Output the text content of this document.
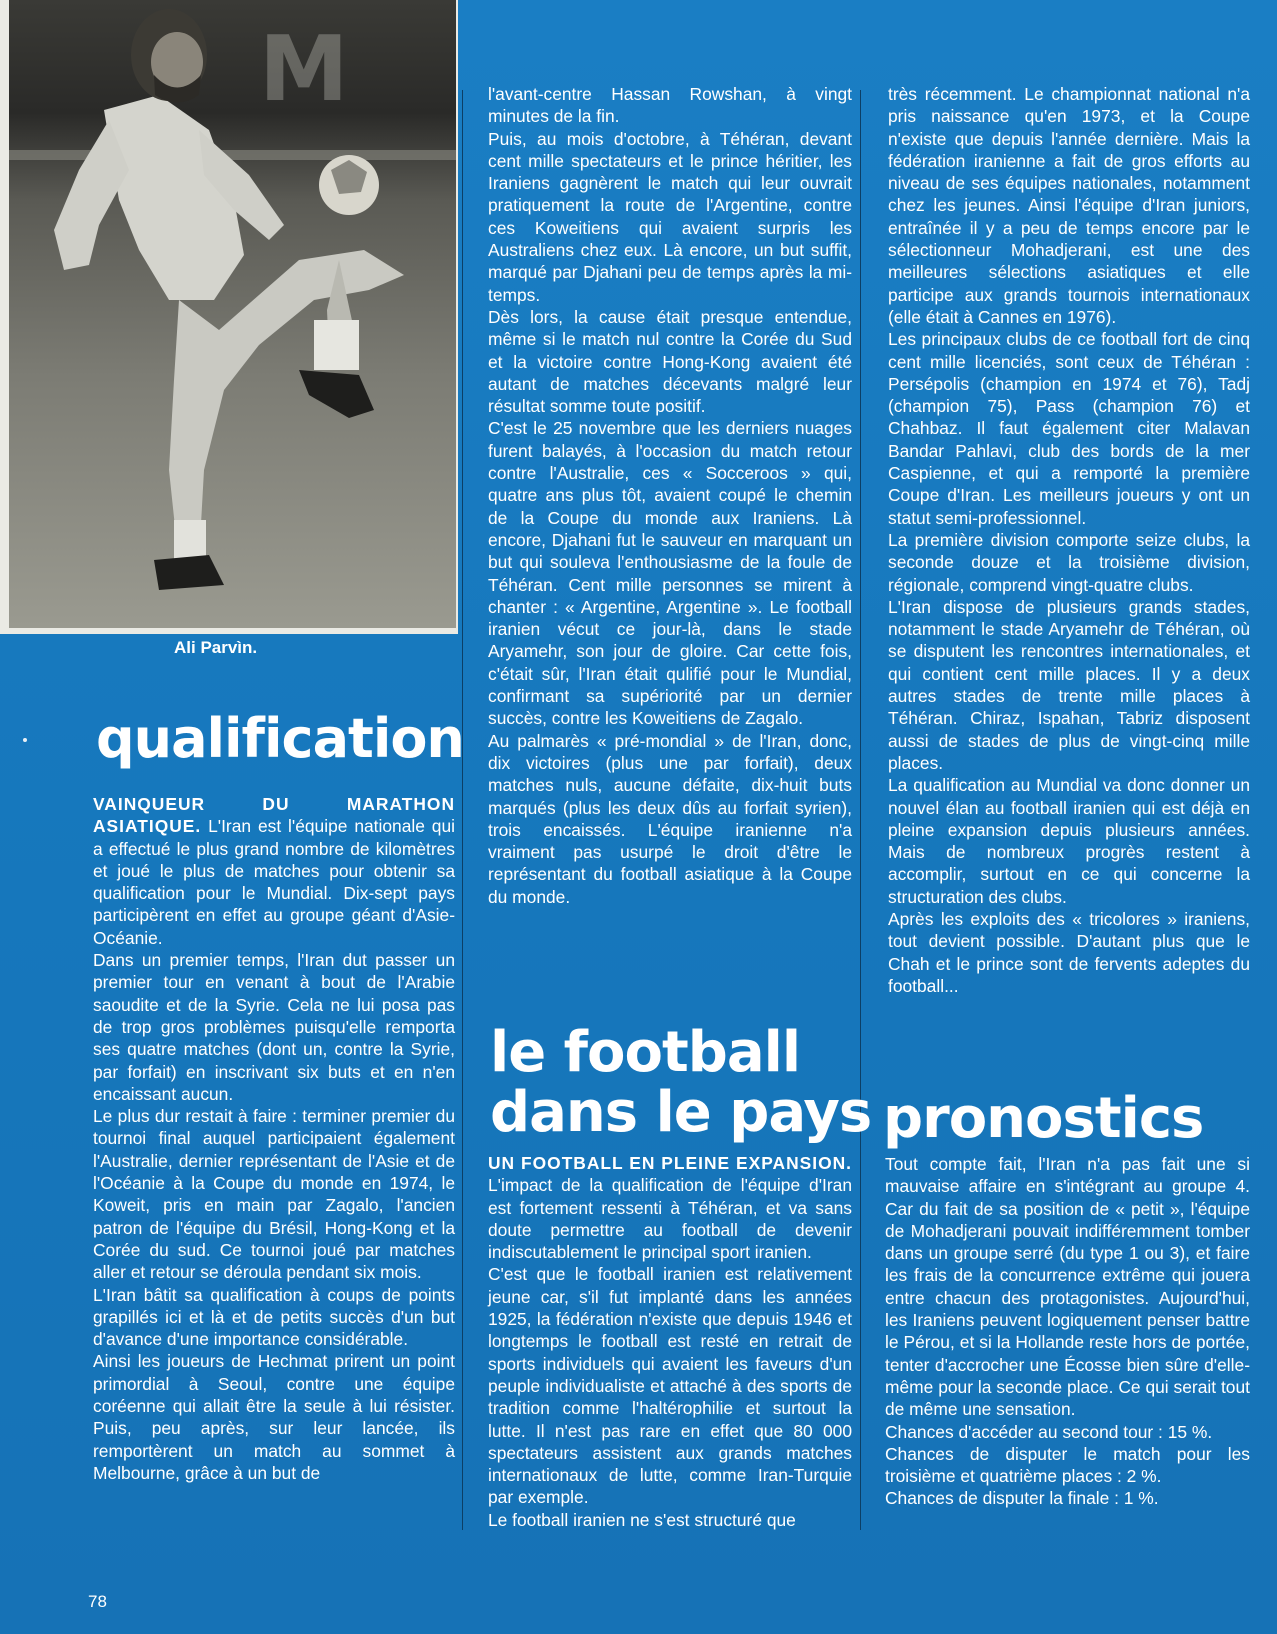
M
Ali Parvìn.
qualification

VAINQUEUR DU MARATHON ASIATIQUE. L'Iran est l'équipe nationale qui a effectué le plus grand nombre de kilomètres et joué le plus de matches pour obtenir sa qualification pour le Mundial. Dix-sept pays participèrent en effet au groupe géant d'Asie-Océanie.

Dans un premier temps, l'Iran dut passer un premier tour en venant à bout de l'Arabie saoudite et de la Syrie. Cela ne lui posa pas de trop gros problèmes puisqu'elle remporta ses quatre matches (dont un, contre la Syrie, par forfait) en inscrivant six buts et en n'en encaissant aucun.

Le plus dur restait à faire : terminer premier du tournoi final auquel participaient également l'Australie, dernier représentant de l'Asie et de l'Océanie à la Coupe du monde en 1974, le Koweit, pris en main par Zagalo, l'ancien patron de l'équipe du Brésil, Hong-Kong et la Corée du sud. Ce tournoi joué par matches aller et retour se déroula pendant six mois.

L'Iran bâtit sa qualification à coups de points grapillés ici et là et de petits succès d'un but d'avance d'une importance considérable.

Ainsi les joueurs de Hechmat prirent un point primordial à Seoul, contre une équipe coréenne qui allait être la seule à lui résister. Puis, peu après, sur leur lancée, ils remportèrent un match au sommet à Melbourne, grâce à un but de

l'avant-centre Hassan Rowshan, à vingt minutes de la fin.

Puis, au mois d'octobre, à Téhéran, devant cent mille spectateurs et le prince héritier, les Iraniens gagnèrent le match qui leur ouvrait pratiquement la route de l'Argentine, contre ces Koweitiens qui avaient surpris les Australiens chez eux. Là encore, un but suffit, marqué par Djahani peu de temps après la mi-temps.

Dès lors, la cause était presque entendue, même si le match nul contre la Corée du Sud et la victoire contre Hong-Kong avaient été autant de matches décevants malgré leur résultat somme toute positif.

C'est le 25 novembre que les derniers nuages furent balayés, à l'occasion du match retour contre l'Australie, ces « Socceroos » qui, quatre ans plus tôt, avaient coupé le chemin de la Coupe du monde aux Iraniens. Là encore, Djahani fut le sauveur en marquant un but qui souleva l'enthousiasme de la foule de Téhéran. Cent mille personnes se mirent à chanter : « Argentine, Argentine ». Le football iranien vécut ce jour-là, dans le stade Aryamehr, son jour de gloire. Car cette fois, c'était sûr, l'Iran était qulifié pour le Mundial, confirmant sa supériorité par un dernier succès, contre les Koweitiens de Zagalo.

Au palmarès « pré-mondial » de l'Iran, donc, dix victoires (plus une par forfait), deux matches nuls, aucune défaite, dix-huit buts marqués (plus les deux dûs au forfait syrien), trois encaissés. L'équipe iranienne n'a vraiment pas usurpé le droit d'être le représentant du football asiatique à la Coupe du monde.

le football
dans le pays

UN FOOTBALL EN PLEINE EXPANSION. L'impact de la qualification de l'équipe d'Iran est fortement ressenti à Téhéran, et va sans doute permettre au football de devenir indiscutablement le principal sport iranien.

C'est que le football iranien est relativement jeune car, s'il fut implanté dans les années 1925, la fédération n'existe que depuis 1946 et longtemps le football est resté en retrait de sports individuels qui avaient les faveurs d'un peuple individualiste et attaché à des sports de tradition comme l'haltérophilie et surtout la lutte. Il n'est pas rare en effet que 80 000 spectateurs assistent aux grands matches internationaux de lutte, comme Iran-Turquie par exemple.

Le football iranien ne s'est structuré que

très récemment. Le championnat national n'a pris naissance qu'en 1973, et la Coupe n'existe que depuis l'année dernière. Mais la fédération iranienne a fait de gros efforts au niveau de ses équipes nationales, notamment chez les jeunes. Ainsi l'équipe d'Iran juniors, entraînée il y a peu de temps encore par le sélectionneur Mohadjerani, est une des meilleures sélections asiatiques et elle participe aux grands tournois internationaux (elle était à Cannes en 1976).

Les principaux clubs de ce football fort de cinq cent mille licenciés, sont ceux de Téhéran : Persépolis (champion en 1974 et 76), Tadj (champion 75), Pass (champion 76) et Chahbaz. Il faut également citer Malavan Bandar Pahlavi, club des bords de la mer Caspienne, et qui a remporté la première Coupe d'Iran. Les meilleurs joueurs y ont un statut semi-professionnel.

La première division comporte seize clubs, la seconde douze et la troisième division, régionale, comprend vingt-quatre clubs.

L'Iran dispose de plusieurs grands stades, notamment le stade Aryamehr de Téhéran, où se disputent les rencontres internationales, et qui contient cent mille places. Il y a deux autres stades de trente mille places à Téhéran. Chiraz, Ispahan, Tabriz disposent aussi de stades de plus de vingt-cinq mille places.

La qualification au Mundial va donc donner un nouvel élan au football iranien qui est déjà en pleine expansion depuis plusieurs années. Mais de nombreux progrès restent à accomplir, surtout en ce qui concerne la structuration des clubs.

Après les exploits des « tricolores » iraniens, tout devient possible. D'autant plus que le Chah et le prince sont de fervents adeptes du football...

pronostics

Tout compte fait, l'Iran n'a pas fait une si mauvaise affaire en s'intégrant au groupe 4. Car du fait de sa position de « petit », l'équipe de Mohadjerani pouvait indifféremment tomber dans un groupe serré (du type 1 ou 3), et faire les frais de la concurrence extrême qui jouera entre chacun des protagonistes. Aujourd'hui, les Iraniens peuvent logiquement penser battre le Pérou, et si la Hollande reste hors de portée, tenter d'accrocher une Écosse bien sûre d'elle-même pour la seconde place. Ce qui serait tout de même une sensation.

Chances d'accéder au second tour : 15 %.

Chances de disputer le match pour les troisième et quatrième places : 2 %.

Chances de disputer la finale : 1 %.

78
